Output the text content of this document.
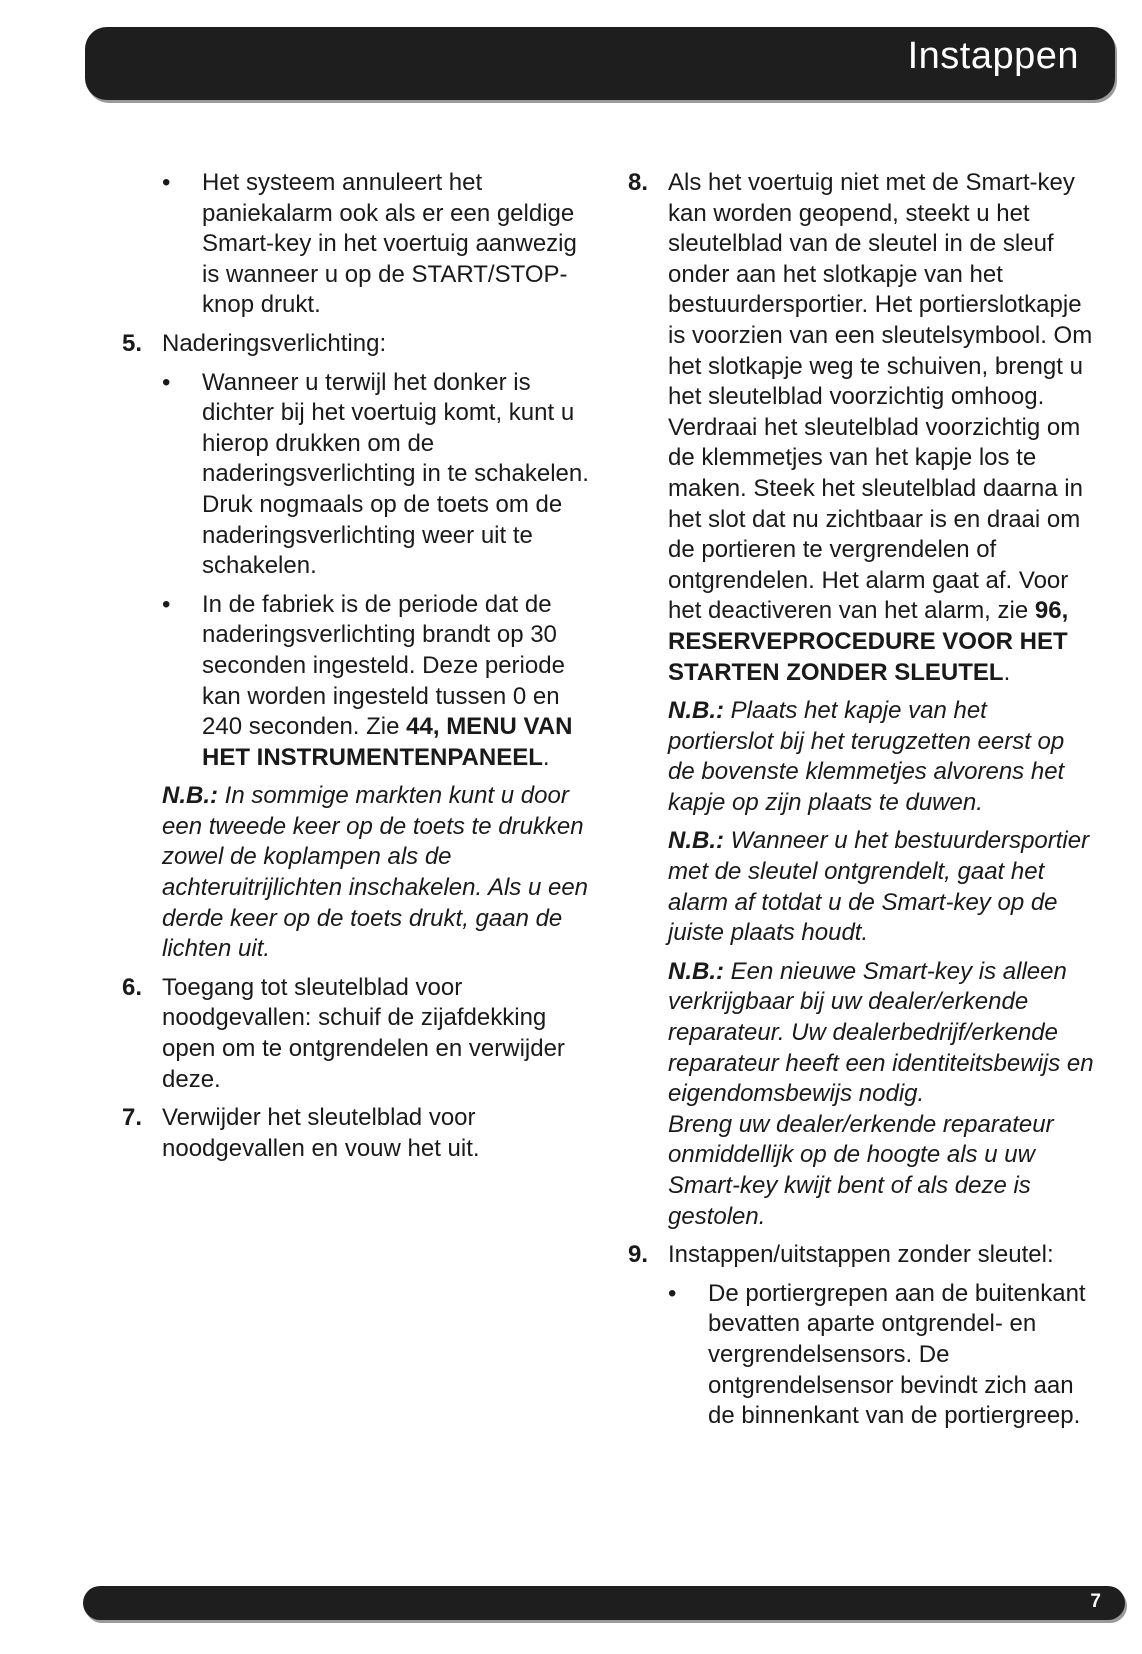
Instappen
• Het systeem annuleert het paniekalarm ook als er een geldige Smart-key in het voertuig aanwezig is wanneer u op de START/STOP-knop drukt.

5. Naderingsverlichting:

• Wanneer u terwijl het donker is dichter bij het voertuig komt, kunt u hierop drukken om de naderingsverlichting in te schakelen. Druk nogmaals op de toets om de naderingsverlichting weer uit te schakelen.

• In de fabriek is de periode dat de naderingsverlichting brandt op 30 seconden ingesteld. Deze periode kan worden ingesteld tussen 0 en 240 seconden. Zie 44, MENU VAN HET INSTRUMENTENPANEEL.

N.B.: In sommige markten kunt u door een tweede keer op de toets te drukken zowel de koplampen als de achteruitrijlichten inschakelen. Als u een derde keer op de toets drukt, gaan de lichten uit.

6. Toegang tot sleutelblad voor noodgevallen: schuif de zijafdekking open om te ontgrendelen en verwijder deze.

7. Verwijder het sleutelblad voor noodgevallen en vouw het uit.

8. Als het voertuig niet met de Smart-key kan worden geopend, steekt u het sleutelblad van de sleutel in de sleuf onder aan het slotkapje van het bestuurdersportier. Het portierslotkapje is voorzien van een sleutelsymbool. Om het slotkapje weg te schuiven, brengt u het sleutelblad voorzichtig omhoog. Verdraai het sleutelblad voorzichtig om de klemmetjes van het kapje los te maken. Steek het sleutelblad daarna in het slot dat nu zichtbaar is en draai om de portieren te vergrendelen of ontgrendelen. Het alarm gaat af. Voor het deactiveren van het alarm, zie 96, RESERVEPROCEDURE VOOR HET STARTEN ZONDER SLEUTEL.

N.B.: Plaats het kapje van het portierslot bij het terugzetten eerst op de bovenste klemmetjes alvorens het kapje op zijn plaats te duwen.

N.B.: Wanneer u het bestuurdersportier met de sleutel ontgrendelt, gaat het alarm af totdat u de Smart-key op de juiste plaats houdt.

N.B.: Een nieuwe Smart-key is alleen verkrijgbaar bij uw dealer/erkende reparateur. Uw dealerbedrijf/erkende reparateur heeft een identiteitsbewijs en eigendomsbewijs nodig.

Breng uw dealer/erkende reparateur onmiddellijk op de hoogte als u uw Smart-key kwijt bent of als deze is gestolen.

9. Instappen/uitstappen zonder sleutel:

• De portiergrepen aan de buitenkant bevatten aparte ontgrendel- en vergrendelsensors. De ontgrendelsensor bevindt zich aan de binnenkant van de portiergreep.

7
